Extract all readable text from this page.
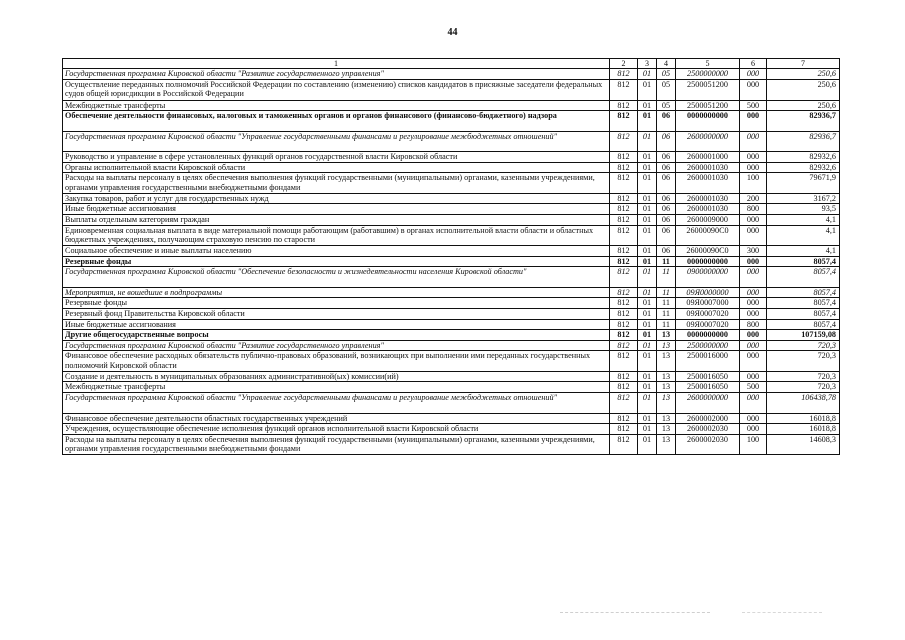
44
1	2	3	4	5	6	7
Государственная программа Кировской области "Развитие государственного управления"	812	01	05	2500000000	000	250,6
Осуществление переданных полномочий Российской Федерации по составлению (изменению) списков кандидатов в присяжные заседатели федеральных судов общей юрисдикции в Российской Федерации	812	01	05	2500051200	000	250,6
Межбюджетные трансферты	812	01	05	2500051200	500	250,6
Обеспечение деятельности финансовых, налоговых и таможенных органов и органов финансового (финансово-бюджетного) надзора	812	01	06	0000000000	000	82936,7
Государственная программа Кировской области "Управление государственными финансами и регулирование межбюджетных отношений"	812	01	06	2600000000	000	82936,7
Руководство и управление в сфере установленных функций органов государственной власти Кировской области	812	01	06	2600001000	000	82932,6
Органы исполнительной власти Кировской области	812	01	06	2600001030	000	82932,6
Расходы на выплаты персоналу в целях обеспечения выполнения функций государственными (муниципальными) органами, казенными учреждениями, органами управления государственными внебюджетными фондами	812	01	06	2600001030	100	79671,9
Закупка товаров, работ и услуг для государственных нужд	812	01	06	2600001030	200	3167,2
Иные бюджетные ассигнования	812	01	06	2600001030	800	93,5
Выплаты отдельным категориям граждан	812	01	06	2600009000	000	4,1
Единовременная социальная выплата в виде материальной помощи работающим (работавшим) в органах исполнительной власти области и областных бюджетных учреждениях, получающим страховую пенсию по старости	812	01	06	26000090C0	000	4,1
Социальное обеспечение и иные выплаты населению	812	01	06	26000090C0	300	4,1
Резервные фонды	812	01	11	0000000000	000	8057,4
Государственная программа Кировской области "Обеспечение безопасности и жизнедеятельности населения Кировской области"	812	01	11	0900000000	000	8057,4
Мероприятия, не вошедшие в подпрограммы	812	01	11	09Я0000000	000	8057,4
Резервные фонды	812	01	11	09Я0007000	000	8057,4
Резервный фонд Правительства Кировской области	812	01	11	09Я0007020	000	8057,4
Иные бюджетные ассигнования	812	01	11	09Я0007020	800	8057,4
Другие общегосударственные вопросы	812	01	13	0000000000	000	107159,08
Государственная программа Кировской области "Развитие государственного управления"	812	01	13	2500000000	000	720,3
Финансовое обеспечение расходных обязательств публично-правовых образований, возникающих при выполнении ими переданных государственных полномочий Кировской области	812	01	13	2500016000	000	720,3
Создание и деятельность в муниципальных образованиях административной(ых) комиссии(ий)	812	01	13	2500016050	000	720,3
Межбюджетные трансферты	812	01	13	2500016050	500	720,3
Государственная программа Кировской области "Управление государственными финансами и регулирование межбюджетных отношений"	812	01	13	2600000000	000	106438,78
Финансовое обеспечение деятельности областных государственных учреждений	812	01	13	2600002000	000	16018,8
Учреждения, осуществляющие обеспечение исполнения функций органов исполнительной власти Кировской области	812	01	13	2600002030	000	16018,8
Расходы на выплаты персоналу в целях обеспечения выполнения функций государственными (муниципальными) органами, казенными учреждениями, органами управления государственными внебюджетными фондами	812	01	13	2600002030	100	14608,3
